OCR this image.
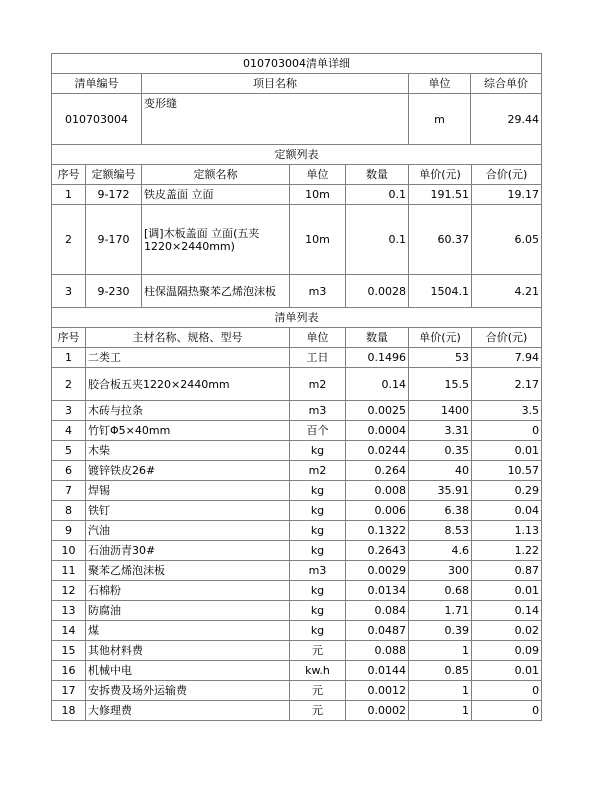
010703004清单详细			
清单编号	项目名称	单位	综合单价
010703004	变形缝	m	29.44
定额列表						
序号	定额编号	定额名称	单位	数量	单价(元)	合价(元)
1	9-172	铁皮盖面 立面	10m	0.1	191.51	19.17
2	9-170	[调]木板盖面 立面(五夹1220×2440mm)	10m	0.1	60.37	6.05
3	9-230	柱保温隔热聚苯乙烯泡沫板	m3	0.0028	1504.1	4.21
清单列表					
序号	主材名称、规格、型号	单位	数量	单价(元)	合价(元)
1	二类工	工日	0.1496	53	7.94
2	胶合板五夹1220×2440mm	m2	0.14	15.5	2.17
3	木砖与拉条	m3	0.0025	1400	3.5
4	竹钉Φ5×40mm	百个	0.0004	3.31	0
5	木柴	kg	0.0244	0.35	0.01
6	镀锌铁皮26#	m2	0.264	40	10.57
7	焊锡	kg	0.008	35.91	0.29
8	铁钉	kg	0.006	6.38	0.04
9	汽油	kg	0.1322	8.53	1.13
10	石油沥青30#	kg	0.2643	4.6	1.22
11	聚苯乙烯泡沫板	m3	0.0029	300	0.87
12	石棉粉	kg	0.0134	0.68	0.01
13	防腐油	kg	0.084	1.71	0.14
14	煤	kg	0.0487	0.39	0.02
15	其他材料费	元	0.088	1	0.09
16	机械中电	kw.h	0.0144	0.85	0.01
17	安拆费及场外运输费	元	0.0012	1	0
18	大修理费	元	0.0002	1	0
